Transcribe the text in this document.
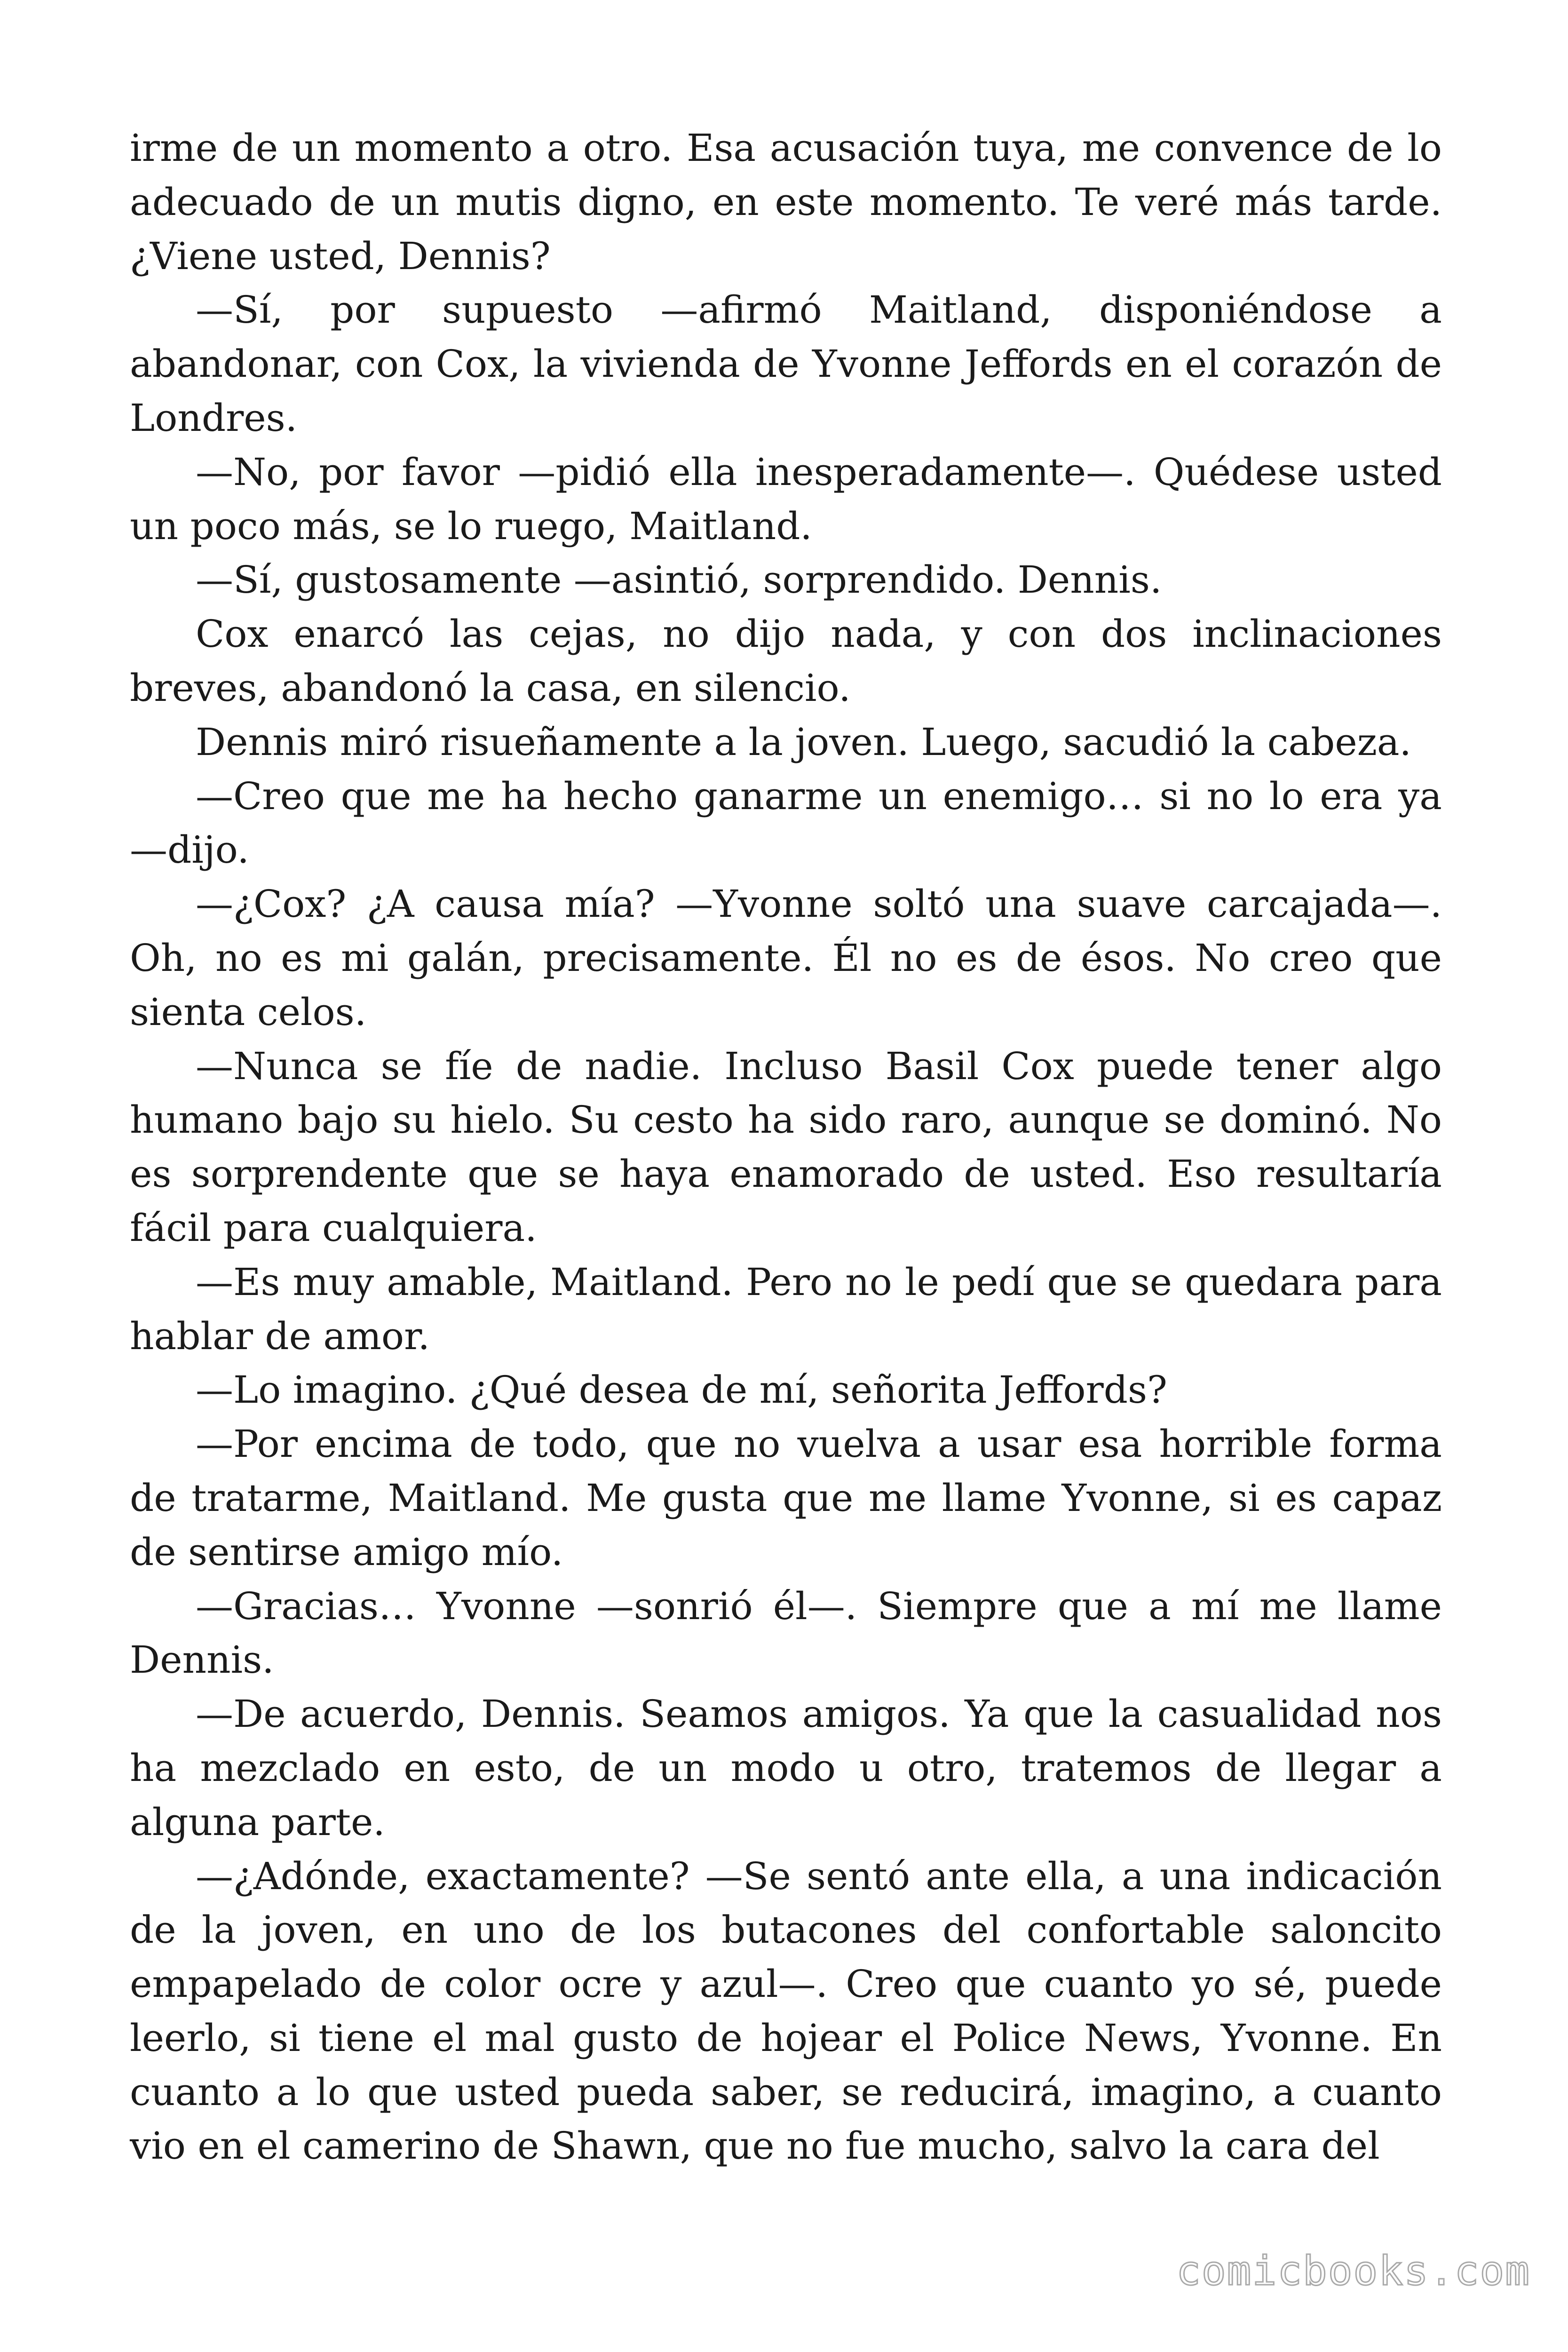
irme de un momento a otro. Esa acusación tuya, me convence de lo adecuado de un mutis digno, en este momento. Te veré más tarde. ¿Viene usted, Dennis?

—Sí, por supuesto —afirmó Maitland, disponiéndose a abandonar, con Cox, la vivienda de Yvonne Jeffords en el corazón de Londres.

—No, por favor —pidió ella inesperadamente—. Quédese usted un poco más, se lo ruego, Maitland.

—Sí, gustosamente —asintió, sorprendido. Dennis.

Cox enarcó las cejas, no dijo nada, y con dos inclinaciones breves, abandonó la casa, en silencio.

Dennis miró risueñamente a la joven. Luego, sacudió la cabeza.

—Creo que me ha hecho ganarme un enemigo… si no lo era ya —dijo.

—¿Cox? ¿A causa mía? —Yvonne soltó una suave carcajada—. Oh, no es mi galán, precisamente. Él no es de ésos. No creo que sienta celos.

—Nunca se fíe de nadie. Incluso Basil Cox puede tener algo humano bajo su hielo. Su cesto ha sido raro, aunque se dominó. No es sorprendente que se haya enamorado de usted. Eso resultaría fácil para cualquiera.

—Es muy amable, Maitland. Pero no le pedí que se quedara para hablar de amor.

—Lo imagino. ¿Qué desea de mí, señorita Jeffords?

—Por encima de todo, que no vuelva a usar esa horrible forma de tratarme, Maitland. Me gusta que me llame Yvonne, si es capaz de sentirse amigo mío.

—Gracias… Yvonne —sonrió él—. Siempre que a mí me llame Dennis.

—De acuerdo, Dennis. Seamos amigos. Ya que la casualidad nos ha mezclado en esto, de un modo u otro, tratemos de llegar a alguna parte.

—¿Adónde, exactamente? —Se sentó ante ella, a una indicación de la joven, en uno de los butacones del confortable saloncito empapelado de color ocre y azul—. Creo que cuanto yo sé, puede leerlo, si tiene el mal gusto de hojear el Police News, Yvonne. En cuanto a lo que usted pueda saber, se reducirá, imagino, a cuanto vio en el camerino de Shawn, que no fue mucho, salvo la cara del

comicbooks.com
